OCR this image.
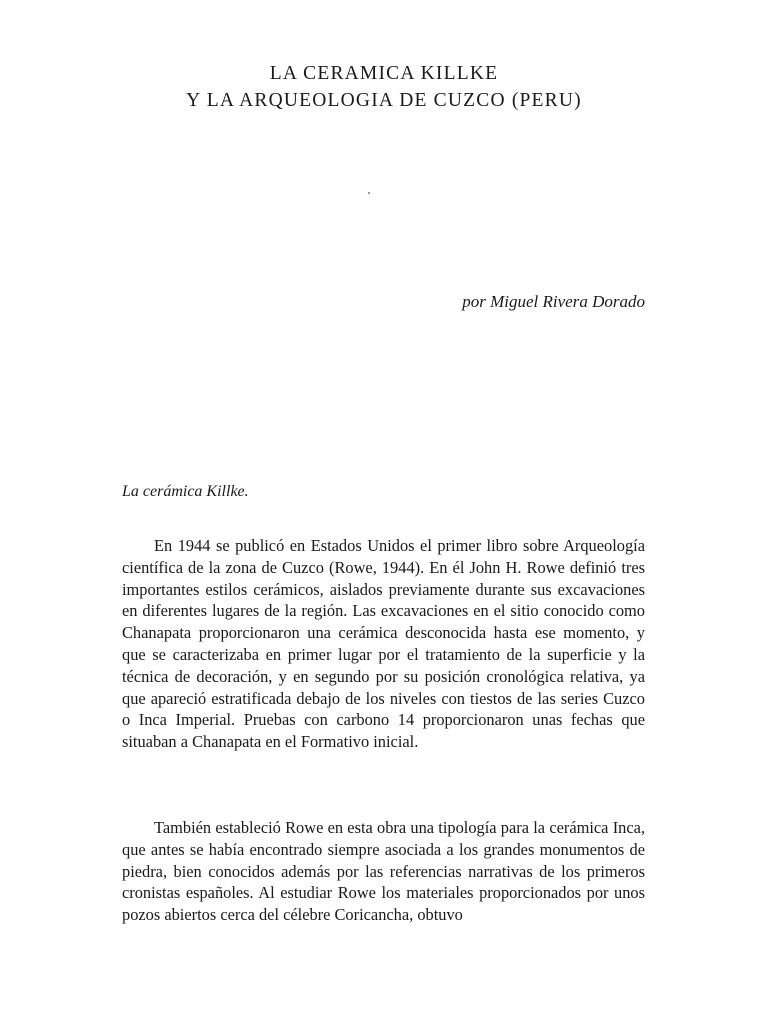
LA CERAMICA KILLKE
Y LA ARQUEOLOGIA DE CUZCO (PERU)
por Miguel Rivera Dorado
La cerámica Killke.

En 1944 se publicó en Estados Unidos el primer libro sobre Arqueología científica de la zona de Cuzco (Rowe, 1944). En él John H. Rowe definió tres importantes estilos cerámicos, aislados previamente durante sus excavaciones en diferentes lugares de la región. Las excavaciones en el sitio conocido como Chanapata proporcionaron una cerámica desconocida hasta ese momento, y que se caracterizaba en primer lugar por el tratamiento de la superficie y la técnica de decoración, y en segundo por su posición cronológica relativa, ya que apareció estratificada debajo de los niveles con tiestos de las series Cuzco o Inca Imperial. Pruebas con carbono 14 proporcionaron unas fechas que situaban a Chanapata en el Formativo inicial.

También estableció Rowe en esta obra una tipología para la cerámica Inca, que antes se había encontrado siempre asociada a los grandes monumentos de piedra, bien conocidos además por las referencias narrativas de los primeros cronistas españoles. Al estudiar Rowe los materiales proporcionados por unos pozos abiertos cerca del célebre Coricancha, obtuvo
